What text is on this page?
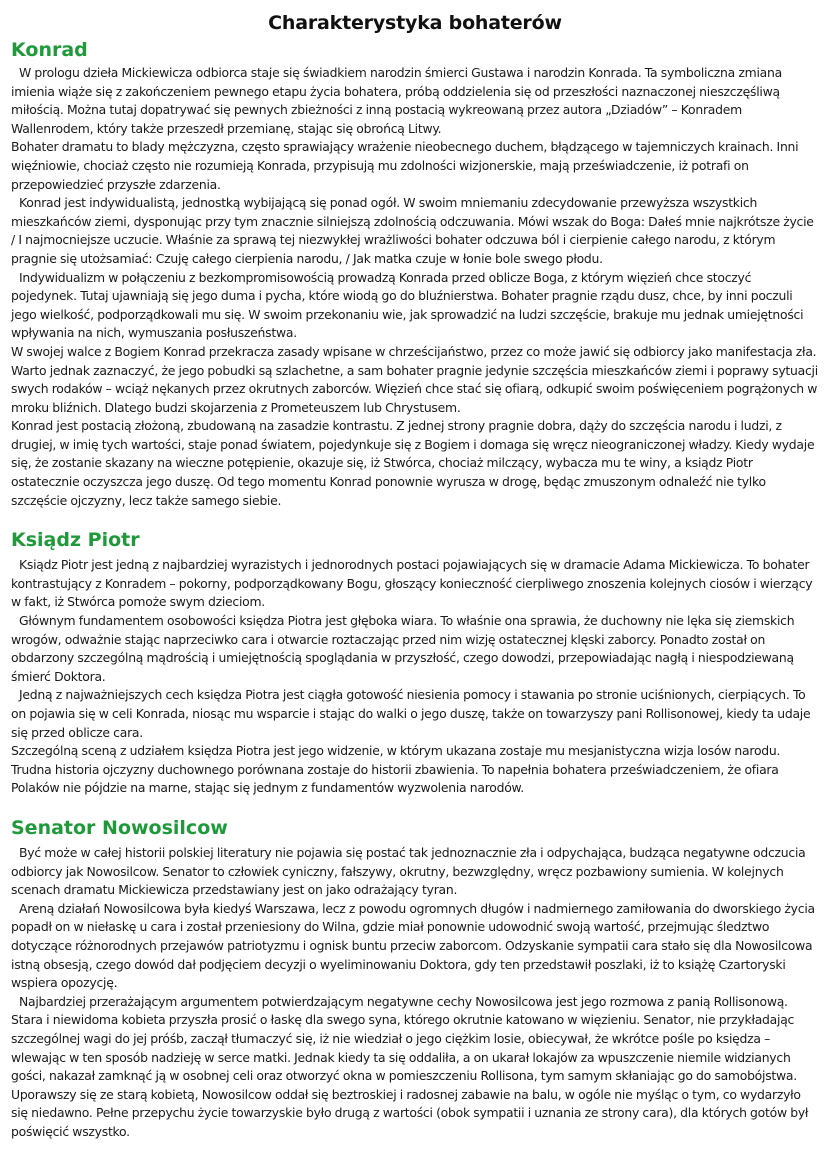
Charakterystyka bohaterów
Konrad

W prologu dzieła Mickiewicza odbiorca staje się świadkiem narodzin śmierci Gustawa i narodzin Konrada. Ta symboliczna zmiana imienia wiąże się z zakończeniem pewnego etapu życia bohatera, próbą oddzielenia się od przeszłości naznaczonej nieszczęśliwą miłością. Można tutaj dopatrywać się pewnych zbieżności z inną postacią wykreowaną przez autora „Dziadów” – Konradem Wallenrodem, który także przeszedł przemianę, stając się obrońcą Litwy.

Bohater dramatu to blady mężczyzna, często sprawiający wrażenie nieobecnego duchem, błądzącego w tajemniczych krainach. Inni więźniowie, chociaż często nie rozumieją Konrada, przypisują mu zdolności wizjonerskie, mają przeświadczenie, iż potrafi on przepowiedzieć przyszłe zdarzenia.

Konrad jest indywidualistą, jednostką wybijającą się ponad ogół. W swoim mniemaniu zdecydowanie przewyższa wszystkich mieszkańców ziemi, dysponując przy tym znacznie silniejszą zdolnością odczuwania. Mówi wszak do Boga: Dałeś mnie najkrótsze życie / I najmocniejsze uczucie. Właśnie za sprawą tej niezwykłej wrażliwości bohater odczuwa ból i cierpienie całego narodu, z którym pragnie się utożsamiać: Czuję całego cierpienia narodu, / Jak matka czuje w łonie bole swego płodu.

Indywidualizm w połączeniu z bezkompromisowością prowadzą Konrada przed oblicze Boga, z którym więzień chce stoczyć pojedynek. Tutaj ujawniają się jego duma i pycha, które wiodą go do bluźnierstwa. Bohater pragnie rządu dusz, chce, by inni poczuli jego wielkość, podporządkowali mu się. W swoim przekonaniu wie, jak sprowadzić na ludzi szczęście, brakuje mu jednak umiejętności wpływania na nich, wymuszania posłuszeństwa.

W swojej walce z Bogiem Konrad przekracza zasady wpisane w chrześcijaństwo, przez co może jawić się odbiorcy jako manifestacja zła. Warto jednak zaznaczyć, że jego pobudki są szlachetne, a sam bohater pragnie jedynie szczęścia mieszkańców ziemi i poprawy sytuacji swych rodaków – wciąż nękanych przez okrutnych zaborców. Więzień chce stać się ofiarą, odkupić swoim poświęceniem pogrążonych w mroku bliźnich. Dlatego budzi skojarzenia z Prometeuszem lub Chrystusem.

Konrad jest postacią złożoną, zbudowaną na zasadzie kontrastu. Z jednej strony pragnie dobra, dąży do szczęścia narodu i ludzi, z drugiej, w imię tych wartości, staje ponad światem, pojedynkuje się z Bogiem i domaga się wręcz nieograniczonej władzy. Kiedy wydaje się, że zostanie skazany na wieczne potępienie, okazuje się, iż Stwórca, chociaż milczący, wybacza mu te winy, a ksiądz Piotr ostatecznie oczyszcza jego duszę. Od tego momentu Konrad ponownie wyrusza w drogę, będąc zmuszonym odnaleźć nie tylko szczęście ojczyzny, lecz także samego siebie.

Ksiądz Piotr

Ksiądz Piotr jest jedną z najbardziej wyrazistych i jednorodnych postaci pojawiających się w dramacie Adama Mickiewicza. To bohater kontrastujący z Konradem – pokorny, podporządkowany Bogu, głoszący konieczność cierpliwego znoszenia kolejnych ciosów i wierzący w fakt, iż Stwórca pomoże swym dzieciom.

Głównym fundamentem osobowości księdza Piotra jest głęboka wiara. To właśnie ona sprawia, że duchowny nie lęka się ziemskich wrogów, odważnie stając naprzeciwko cara i otwarcie roztaczając przed nim wizję ostatecznej klęski zaborcy. Ponadto został on obdarzony szczególną mądrością i umiejętnością spoglądania w przyszłość, czego dowodzi, przepowiadając nagłą i niespodziewaną śmierć Doktora.

Jedną z najważniejszych cech księdza Piotra jest ciągła gotowość niesienia pomocy i stawania po stronie uciśnionych, cierpiących. To on pojawia się w celi Konrada, niosąc mu wsparcie i stając do walki o jego duszę, także on towarzyszy pani Rollisonowej, kiedy ta udaje się przed oblicze cara.

Szczególną sceną z udziałem księdza Piotra jest jego widzenie, w którym ukazana zostaje mu mesjanistyczna wizja losów narodu. Trudna historia ojczyzny duchownego porównana zostaje do historii zbawienia. To napełnia bohatera przeświadczeniem, że ofiara Polaków nie pójdzie na marne, stając się jednym z fundamentów wyzwolenia narodów.

Senator Nowosilcow

Być może w całej historii polskiej literatury nie pojawia się postać tak jednoznacznie zła i odpychająca, budząca negatywne odczucia odbiorcy jak Nowosilcow. Senator to człowiek cyniczny, fałszywy, okrutny, bezwzględny, wręcz pozbawiony sumienia. W kolejnych scenach dramatu Mickiewicza przedstawiany jest on jako odrażający tyran.

Areną działań Nowosilcowa była kiedyś Warszawa, lecz z powodu ogromnych długów i nadmiernego zamiłowania do dworskiego życia popadł on w niełaskę u cara i został przeniesiony do Wilna, gdzie miał ponownie udowodnić swoją wartość, przejmując śledztwo dotyczące różnorodnych przejawów patriotyzmu i ognisk buntu przeciw zaborcom. Odzyskanie sympatii cara stało się dla Nowosilcowa istną obsesją, czego dowód dał podjęciem decyzji o wyeliminowaniu Doktora, gdy ten przedstawił poszlaki, iż to książę Czartoryski wspiera opozycję.

Najbardziej przerażającym argumentem potwierdzającym negatywne cechy Nowosilcowa jest jego rozmowa z panią Rollisonową. Stara i niewidoma kobieta przyszła prosić o łaskę dla swego syna, którego okrutnie katowano w więzieniu. Senator, nie przykładając szczególnej wagi do jej próśb, zaczął tłumaczyć się, iż nie wiedział o jego ciężkim losie, obiecywał, że wkrótce pośle po księdza – wlewając w ten sposób nadzieję w serce matki. Jednak kiedy ta się oddaliła, a on ukarał lokajów za wpuszczenie niemile widzianych gości, nakazał zamknąć ją w osobnej celi oraz otworzyć okna w pomieszczeniu Rollisona, tym samym skłaniając go do samobójstwa. Uporawszy się ze starą kobietą, Nowosilcow oddał się beztroskiej i radosnej zabawie na balu, w ogóle nie myśląc o tym, co wydarzyło się niedawno. Pełne przepychu życie towarzyskie było drugą z wartości (obok sympatii i uznania ze strony cara), dla których gotów był poświęcić wszystko.
